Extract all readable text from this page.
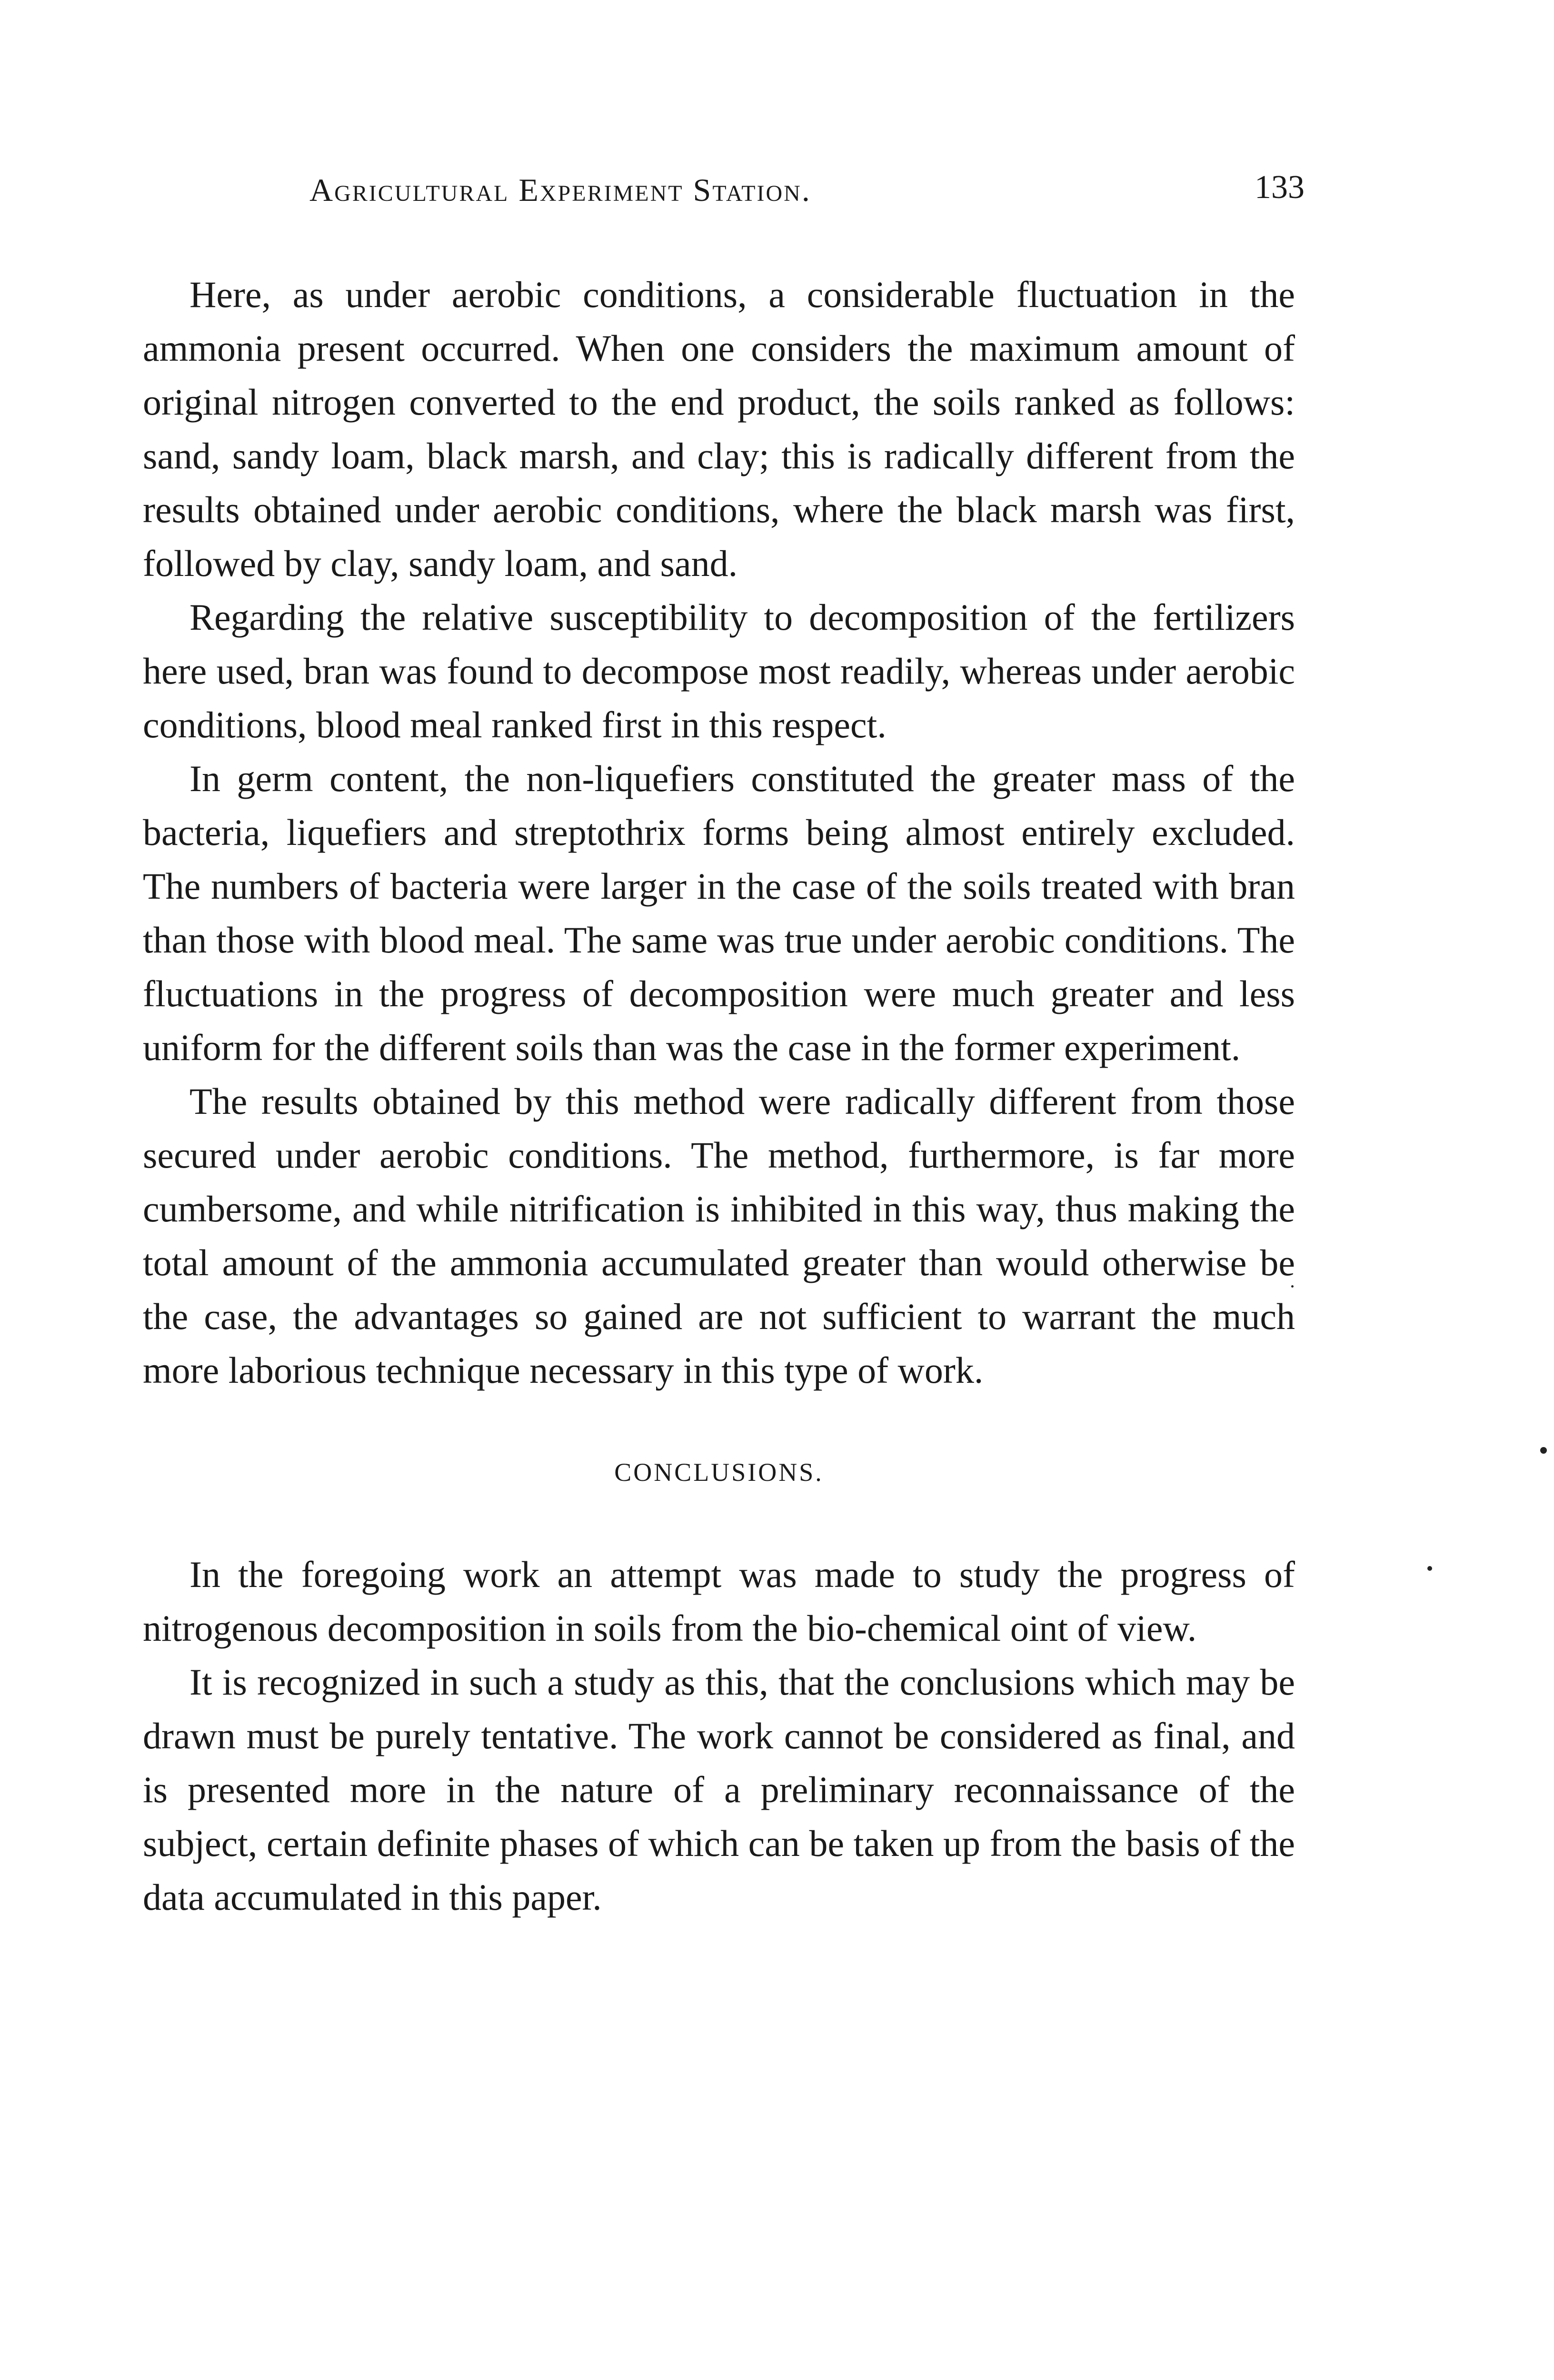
Agricultural Experiment Station.	133

Here, as under aerobic conditions, a considerable fluctuation in the ammonia present occurred. When one considers the maximum amount of original nitrogen converted to the end product, the soils ranked as follows: sand, sandy loam, black marsh, and clay; this is radically different from the results obtained under aerobic conditions, where the black marsh was first, followed by clay, sandy loam, and sand.

Regarding the relative susceptibility to decomposition of the fertilizers here used, bran was found to decompose most readily, whereas under aerobic conditions, blood meal ranked first in this respect.

In germ content, the non-liquefiers constituted the greater mass of the bacteria, liquefiers and streptothrix forms being almost entirely excluded. The numbers of bacteria were larger in the case of the soils treated with bran than those with blood meal. The same was true under aerobic conditions. The fluctuations in the progress of decomposition were much greater and less uniform for the different soils than was the case in the former experiment.

The results obtained by this method were radically different from those secured under aerobic conditions. The method, furthermore, is far more cumbersome, and while nitrification is inhibited in this way, thus making the total amount of the ammonia accumulated greater than would otherwise be the case, the advantages so gained are not sufficient to warrant the much more laborious technique necessary in this type of work.

CONCLUSIONS.

In the foregoing work an attempt was made to study the progress of nitrogenous decomposition in soils from the bio-chemical oint of view.

It is recognized in such a study as this, that the conclusions which may be drawn must be purely tentative. The work cannot be considered as final, and is presented more in the nature of a preliminary reconnaissance of the subject, certain definite phases of which can be taken up from the basis of the data accumulated in this paper.
